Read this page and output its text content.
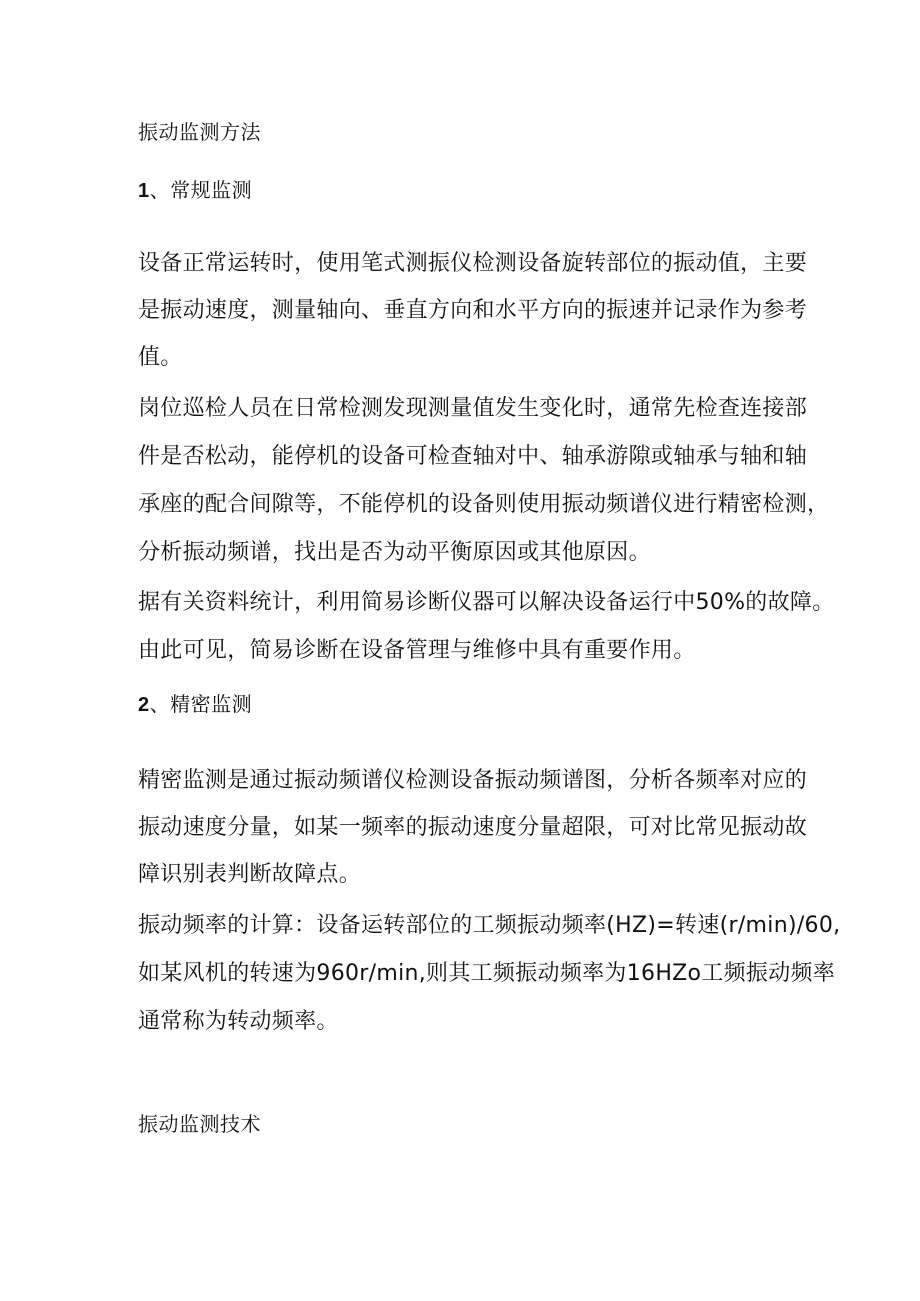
振动监测方法
1、常规监测
设备正常运转时，使用笔式测振仪检测设备旋转部位的振动值，主要
是振动速度，测量轴向、垂直方向和水平方向的振速并记录作为参考
值。
岗位巡检人员在日常检测发现测量值发生变化时，通常先检查连接部
件是否松动，能停机的设备可检查轴对中、轴承游隙或轴承与轴和轴
承座的配合间隙等，不能停机的设备则使用振动频谱仪进行精密检测，
分析振动频谱，找出是否为动平衡原因或其他原因。
据有关资料统计，利用简易诊断仪器可以解决设备运行中50%的故障。
由此可见，简易诊断在设备管理与维修中具有重要作用。
2、精密监测
精密监测是通过振动频谱仪检测设备振动频谱图，分析各频率对应的
振动速度分量，如某一频率的振动速度分量超限，可对比常见振动故
障识别表判断故障点。
振动频率的计算：设备运转部位的工频振动频率(HZ)=转速(r/min)/60,
如某风机的转速为960r/min,则其工频振动频率为16HZo工频振动频率
通常称为转动频率。
振动监测技术
